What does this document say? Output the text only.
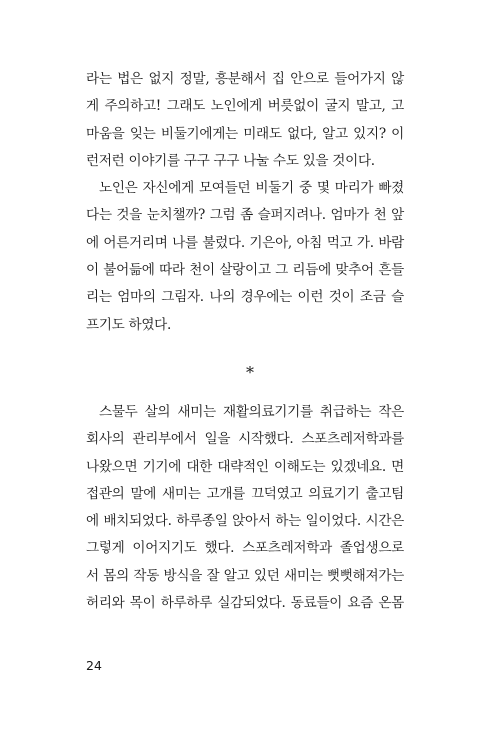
라는 법은 없지 정말, 흥분해서 집 안으로 들어가지 않
게 주의하고! 그래도 노인에게 버릇없이 굴지 말고, 고
마움을 잊는 비둘기에게는 미래도 없다, 알고 있지? 이
런저런 이야기를 구구 구구 나눌 수도 있을 것이다.
노인은 자신에게 모여들던 비둘기 중 몇 마리가 빠졌
다는 것을 눈치챌까? 그럼 좀 슬퍼지려나. 엄마가 천 앞
에 어른거리며 나를 불렀다. 기은아, 아침 먹고 가. 바람
이 불어듦에 따라 천이 살랑이고 그 리듬에 맞추어 흔들
리는 엄마의 그림자. 나의 경우에는 이런 것이 조금 슬
프기도 하였다.
*
스물두 살의 새미는 재활의료기기를 취급하는 작은
회사의 관리부에서 일을 시작했다. 스포츠레저학과를
나왔으면 기기에 대한 대략적인 이해도는 있겠네요. 면
접관의 말에 새미는 고개를 끄덕였고 의료기기 출고팀
에 배치되었다. 하루종일 앉아서 하는 일이었다. 시간은
그렇게 이어지기도 했다. 스포츠레저학과 졸업생으로
서 몸의 작동 방식을 잘 알고 있던 새미는 뻣뻣해져가는
허리와 목이 하루하루 실감되었다. 동료들이 요즘 온몸
24
